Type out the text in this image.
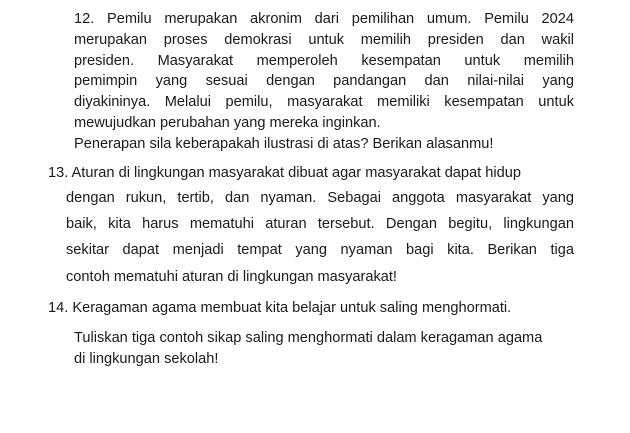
12. Pemilu merupakan akronim dari pemilihan umum. Pemilu 2024
merupakan proses demokrasi untuk memilih presiden dan wakil
presiden. Masyarakat memperoleh kesempatan untuk memilih
pemimpin yang sesuai dengan pandangan dan nilai-nilai yang
diyakininya. Melalui pemilu, masyarakat memiliki kesempatan untuk
mewujudkan perubahan yang mereka inginkan.
Penerapan sila keberapakah ilustrasi di atas? Berikan alasanmu!
13. Aturan di lingkungan masyarakat dibuat agar masyarakat dapat hidup
dengan rukun, tertib, dan nyaman. Sebagai anggota masyarakat yang
baik, kita harus mematuhi aturan tersebut. Dengan begitu, lingkungan
sekitar dapat menjadi tempat yang nyaman bagi kita. Berikan tiga
contoh mematuhi aturan di lingkungan masyarakat!
14. Keragaman agama membuat kita belajar untuk saling menghormati.
Tuliskan tiga contoh sikap saling menghormati dalam keragaman agama
di lingkungan sekolah!
